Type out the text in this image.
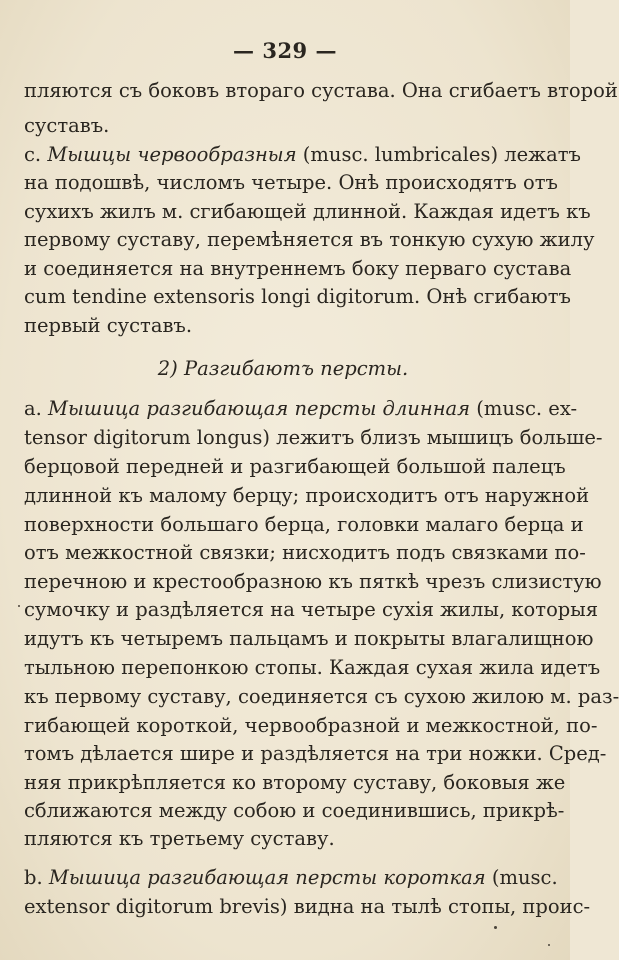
— 329 —
пляются съ боковъ втораго сустава. Она сгибаетъ второй
суставъ.
c. Мышцы червообразныя (musc. lumbricales) лежатъ
на подошвѣ, числомъ четыре. Онѣ происходятъ отъ
сухихъ жилъ м. сгибающей длинной. Каждая идетъ къ
первому суставу, перемѣняется въ тонкую сухую жилу
и соединяется на внутреннемъ боку перваго сустава
cum tendine extensoris longi digitorum. Онѣ сгибаютъ
первый суставъ.
2) Разгибаютъ персты.
a. Мышица разгибающая персты длинная (musc. ex-
tensor digitorum longus) лежитъ близъ мышицъ больше-
берцовой передней и разгибающей большой палецъ
длинной къ малому берцу; происходитъ отъ наружной
поверхности большаго берца, головки малаго берца и
отъ межкостной связки; нисходитъ подъ связками по-
перечною и крестообразною къ пяткѣ чрезъ слизистую
сумочку и раздѣляется на четыре сухія жилы, которыя
идутъ къ четыремъ пальцамъ и покрыты влагалищною
тыльною перепонкою стопы. Каждая сухая жила идетъ
къ первому суставу, соединяется съ сухою жилою м. раз-
гибающей короткой, червообразной и межкостной, по-
томъ дѣлается шире и раздѣляется на три ножки. Сред-
няя прикрѣпляется ко второму суставу, боковыя же
сближаются между собою и соединившись, прикрѣ-
пляются къ третьему суставу.
b. Мышица разгибающая персты короткая (musc.
extensor digitorum brevis) видна на тылѣ стопы, проис-
